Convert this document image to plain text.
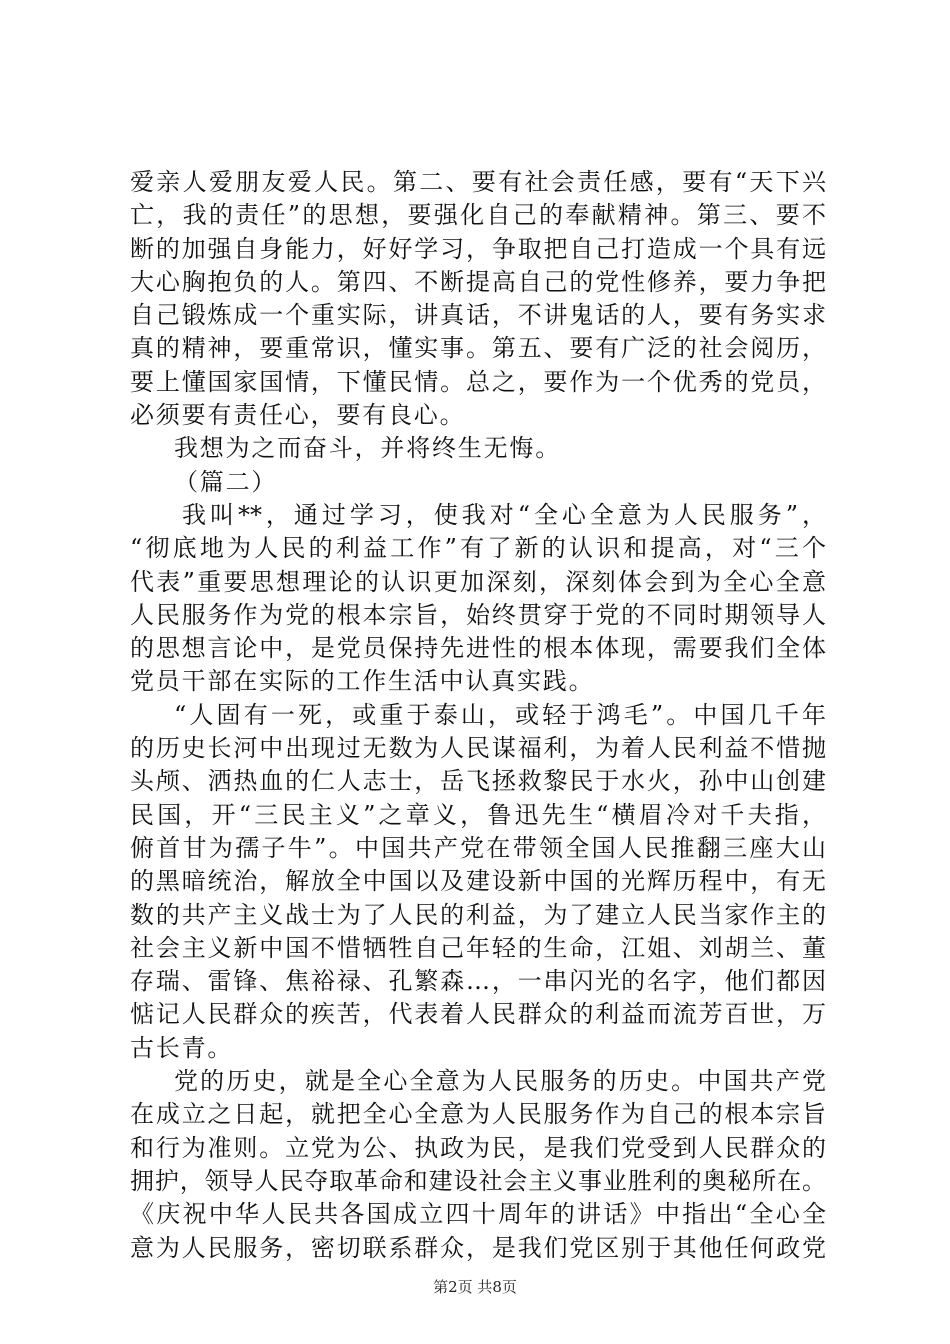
爱亲人爱朋友爱人民。第二、要有社会责任感，要有“天下兴
亡，我的责任”的思想，要强化自己的奉献精神。第三、要不
断的加强自身能力，好好学习，争取把自己打造成一个具有远
大心胸抱负的人。第四、不断提高自己的党性修养，要力争把
自己锻炼成一个重实际，讲真话，不讲鬼话的人，要有务实求
真的精神，要重常识，懂实事。第五、要有广泛的社会阅历，
要上懂国家国情，下懂民情。总之，要作为一个优秀的党员，
必须要有责任心，要有良心。
我想为之而奋斗，并将终生无悔。
（篇二）
我叫**，通过学习，使我对“全心全意为人民服务”，
“彻底地为人民的利益工作”有了新的认识和提高，对“三个
代表”重要思想理论的认识更加深刻，深刻体会到为全心全意
人民服务作为党的根本宗旨，始终贯穿于党的不同时期领导人
的思想言论中，是党员保持先进性的根本体现，需要我们全体
党员干部在实际的工作生活中认真实践。
“人固有一死，或重于泰山，或轻于鸿毛”。中国几千年
的历史长河中出现过无数为人民谋福利，为着人民利益不惜抛
头颅、洒热血的仁人志士，岳飞拯救黎民于水火，孙中山创建
民国，开“三民主义”之章义，鲁迅先生“横眉冷对千夫指，
俯首甘为孺子牛”。中国共产党在带领全国人民推翻三座大山
的黑暗统治，解放全中国以及建设新中国的光辉历程中，有无
数的共产主义战士为了人民的利益，为了建立人民当家作主的
社会主义新中国不惜牺牲自己年轻的生命，江姐、刘胡兰、董
存瑞、雷锋、焦裕禄、孔繁森…，一串闪光的名字，他们都因
惦记人民群众的疾苦，代表着人民群众的利益而流芳百世，万
古长青。
党的历史，就是全心全意为人民服务的历史。中国共产党
在成立之日起，就把全心全意为人民服务作为自己的根本宗旨
和行为准则。立党为公、执政为民，是我们党受到人民群众的
拥护，领导人民夺取革命和建设社会主义事业胜利的奥秘所在。
《庆祝中华人民共各国成立四十周年的讲话》中指出“全心全
意为人民服务，密切联系群众，是我们党区别于其他任何政党
第2页 共8页
